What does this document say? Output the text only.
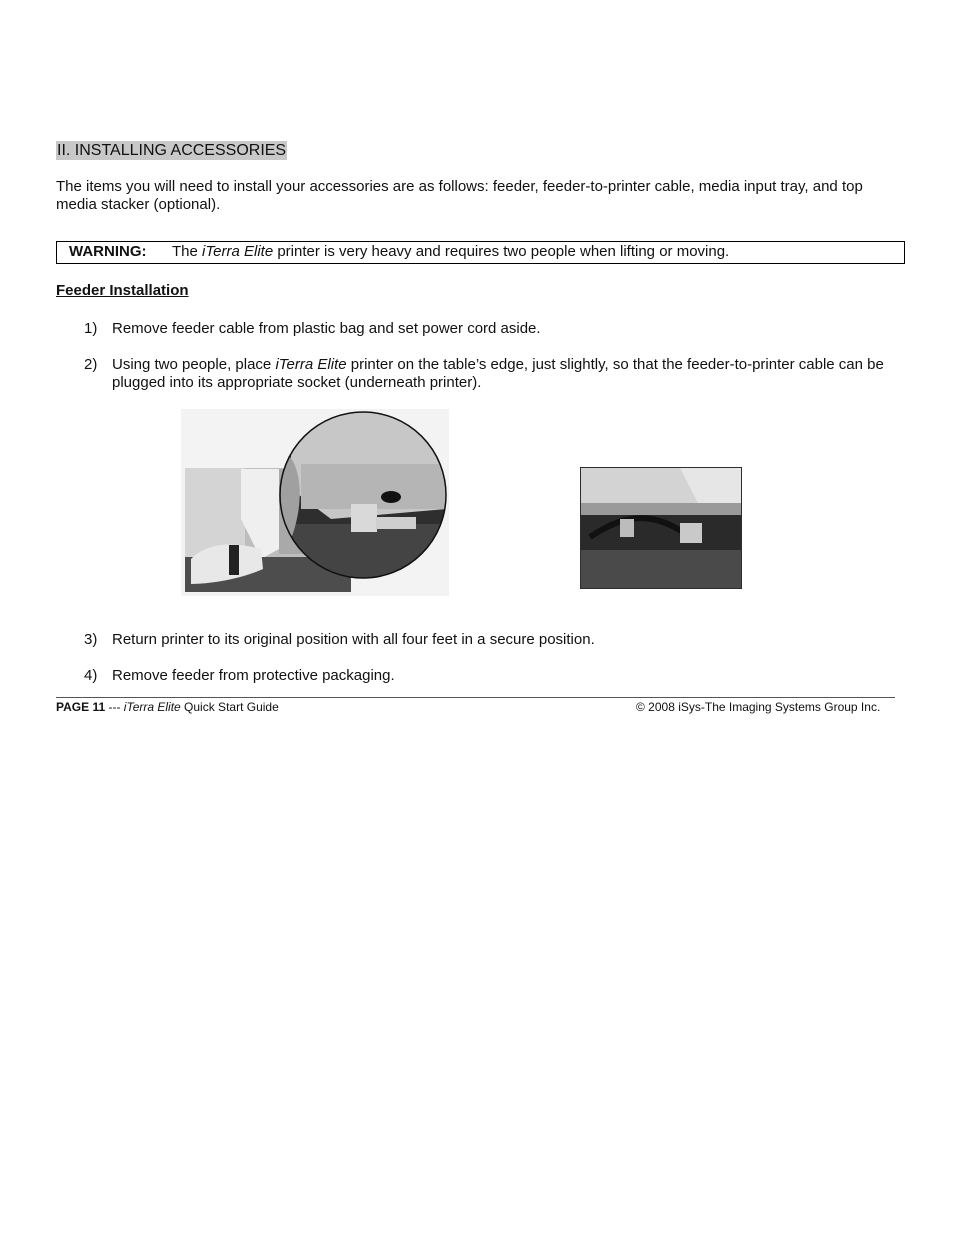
II. INSTALLING ACCESSORIES
The items you will need to install your accessories are as follows: feeder, feeder-to-printer cable, media input tray, and top media stacker (optional).
WARNING: The iTerra Elite printer is very heavy and requires two people when lifting or moving.
Feeder Installation
1) Remove feeder cable from plastic bag and set power cord aside.
2) Using two people, place iTerra Elite printer on the table’s edge, just slightly, so that the feeder-to-printer cable can be plugged into its appropriate socket (underneath printer).
3) Return printer to its original position with all four feet in a secure position.
4) Remove feeder from protective packaging.
PAGE 11 --- iTerra Elite Quick Start Guide	© 2008 iSys-The Imaging Systems Group Inc.
